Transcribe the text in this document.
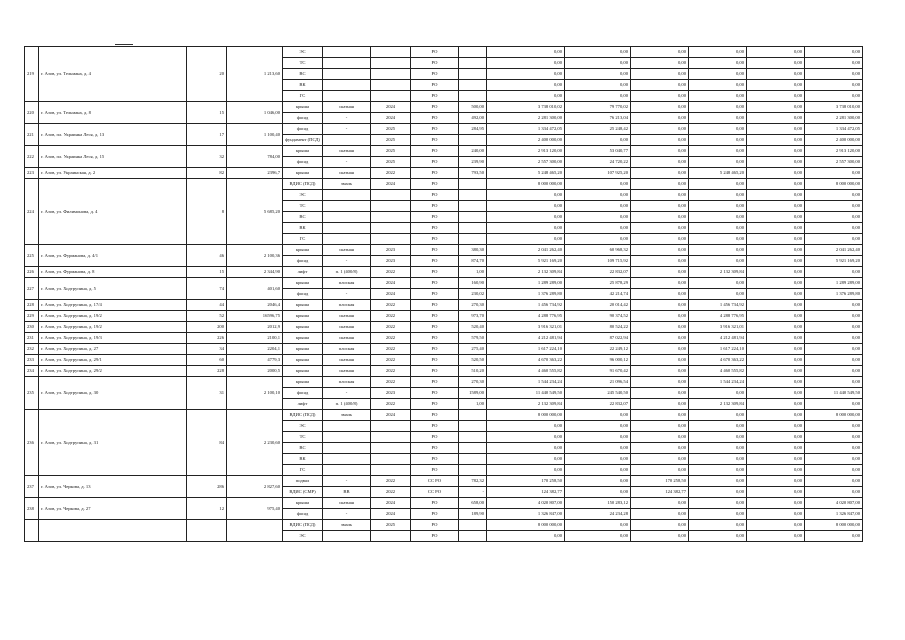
219	г. Азов, ул. Тельмана, д. 4	20	1 213,60	ЭС			РО		0,00	0,00	0,00	0,00	0,00	0,00
				ТС			РО		0,00	0,00	0,00	0,00	0,00	0,00
				ВС			РО		0,00	0,00	0,00	0,00	0,00	0,00
				ВК			РО		0,00	0,00	0,00	0,00	0,00	0,00
				ГС			РО		0,00	0,00	0,00	0,00	0,00	0,00
220	г. Азов, ул. Тельмана, д. 8	15	1 046,00	крыша	скатная	2024	РО	500,00	3 738 010,02	79 770,02	0,00	0,00	0,00	3 738 010,00
				фасад	-	2024	РО	492,00	2 281 300,00	76 213,04	0,00	0,00	0,00	2 281 300,00
221	г. Азов, пл. Украинка Леся, д. 13	17	1 100,40	фасад	-	2025	РО	284,95	1 334 472,05	25 248,42	0,00	0,00	0,00	1 334 472,05
				фундамент (ПСД)		2025	РО		2 400 000,00	0,00	0,00	0,00	0,00	2 400 000,00
222	г. Азов, пл. Украинка Леся, д. 15	32	784,00	крыша	скатная	2025	РО	240,00	2 913 120,00	53 040,77	0,00	0,00	0,00	2 913 120,00
				фасад	-	2025	РО	239,90	2 557 300,00	24 720,22	0,00	0,00	0,00	2 557 300,00
223	г. Азов, ул. Украинская, д. 2	82	2396,7	крыша	скатная	2022	РО	793,50	5 248 465,20	107 925,20	0,00	5 248 465,20	0,00	0,00
224	г. Азов, ул. Филимонова, д. 4	8	5 685,20	ВДИС (ПСД)	эмаль	2024	РО		8 000 000,00	0,00	0,00	0,00	0,00	8 000 000,00
				ЭС			РО		0,00	0,00	0,00	0,00	0,00	0,00
				ТС			РО		0,00	0,00	0,00	0,00	0,00	0,00
				ВС			РО		0,00	0,00	0,00	0,00	0,00	0,00
				ВК			РО		0,00	0,00	0,00	0,00	0,00	0,00
				ГС			РО		0,00	0,00	0,00	0,00	0,00	0,00
225	г. Азов, ул. Фурманова, д. 4/1	46	2 100,36	крыша	скатная	2023	РО	380,30	2 041 262,40	60 968,32	0,00	0,00	0,00	2 041 262,40
				фасад	-	2023	РО	874,70	5 921 169,20	109 715,92	0,00	0,00	0,00	5 921 169,20
226	г. Азов, ул. Фурманова, д. 8	15	2 344,90	лифт	п. 1 (400/8)	2022	РО	1,00	2 132 309,84	22 832,07	0,00	2 132 309,84	0,00	0,00
227	г. Азов, ул. Ходтрупина, д. 5	74	401,60	крыша	плоская	2024	РО	160,90	1 289 289,00	25 878,29	0,00	0,00	0,00	1 289 289,00
				фасад	-	2024	РО	230,02	1 376 289,80	42 214,74	0,00	0,00	0,00	1 376 289,80
228	г. Азов, ул. Ходтрупина, д. 17/4	44	2046,4	крыша	плоская	2022	РО	270,30	1 456 734,92	20 014,42	0,00	1 456 734,92	0,00	0,00
229	г. Азов, ул. Ходтрупина, д. 19/2	52	16596,75	крыша	скатная	2022	РО	973,70	4 288 776,95	90 374,52	0,00	4 288 776,95	0,00	0,00
230	г. Азов, ул. Ходтрупина, д. 19/2	200	2012,9	крыша	скатная	2022	РО	520,40	3 916 321,01	80 524,22	0,00	3 916 321,01	0,00	0,00
231	г. Азов, ул. Ходтрупина, д. 19/3	226	2100,1	крыша	скатная	2022	РО	579,50	4 212 481,94	87 022,94	0,00	4 212 481,94	0,00	0,00
232	г. Азов, ул. Ходтрупина, д. 27	34	2204,1	крыша	плоская	2022	РО	275,40	1 617 224,10	22 249,12	0,00	1 617 224,10	0,00	0,00
233	г. Азов, ул. Ходтрупина, д. 29/1	60	4779,3	крыша	скатная	2022	РО	520,50	4 670 363,22	96 000,12	0,00	4 670 363,22	0,00	0,00
234	г. Азов, ул. Ходтрупина, д. 29/2	228	2000,5	крыша	скатная	2022	РО	510,20	4 460 555,82	91 670,42	0,00	4 460 555,82	0,00	0,00
235	г. Азов, ул. Ходтрупина, д. 30	31	2 100,10	крыша	плоская	2022	РО	270,30	1 544 234,24	21 096,54	0,00	1 544 234,24	0,00	0,00
				фасад	-	2023	РО	1589,00	11 440 549,50	245 540,50	0,00	0,00	0,00	11 440 549,50
				лифт	п. 1 (400/8)	2022	РО	1,00	2 132 309,84	22 832,07	0,00	2 132 309,84	0,00	0,00
236	г. Азов, ул. Ходтрупина, д. 31	84	2 230,60	ВДИС (ПСД)	эмаль	2024	РО		8 000 000,00	0,00	0,00	0,00	0,00	8 000 000,00
				ЭС			РО		0,00	0,00	0,00	0,00	0,00	0,00
				ТС			РО		0,00	0,00	0,00	0,00	0,00	0,00
				ВС			РО		0,00	0,00	0,00	0,00	0,00	0,00
				ВК			РО		0,00	0,00	0,00	0,00	0,00	0,00
				ГС			РО		0,00	0,00	0,00	0,00	0,00	0,00
237	г. Азов, ул. Черкова, д. 13	286	2 827,60	подвал	-	2022	СС РО	782,32	170 258,50	0,00	170 258,50	0,00	0,00	0,00
				ВДИС (СМР)	ВВ	2022	СС РО	-	124 382,77	0,00	124 382,77	0,00	0,00	0,00
238	г. Азов, ул. Черкова, д. 27	12	975,40	крыша	скатная	2024	РО	658,00	4 020 807,00	150 283,12	0,00	0,00	0,00	4 020 807,00
				фасад	-	2024	РО	189,90	1 326 847,00	24 234,28	0,00	0,00	0,00	1 326 847,00
				ВДИС (ПСД)	эмаль	2025	РО		8 000 000,00	0,00	0,00	0,00	0,00	8 000 000,00
				ЭС			РО		0,00	0,00	0,00	0,00	0,00	0,00
